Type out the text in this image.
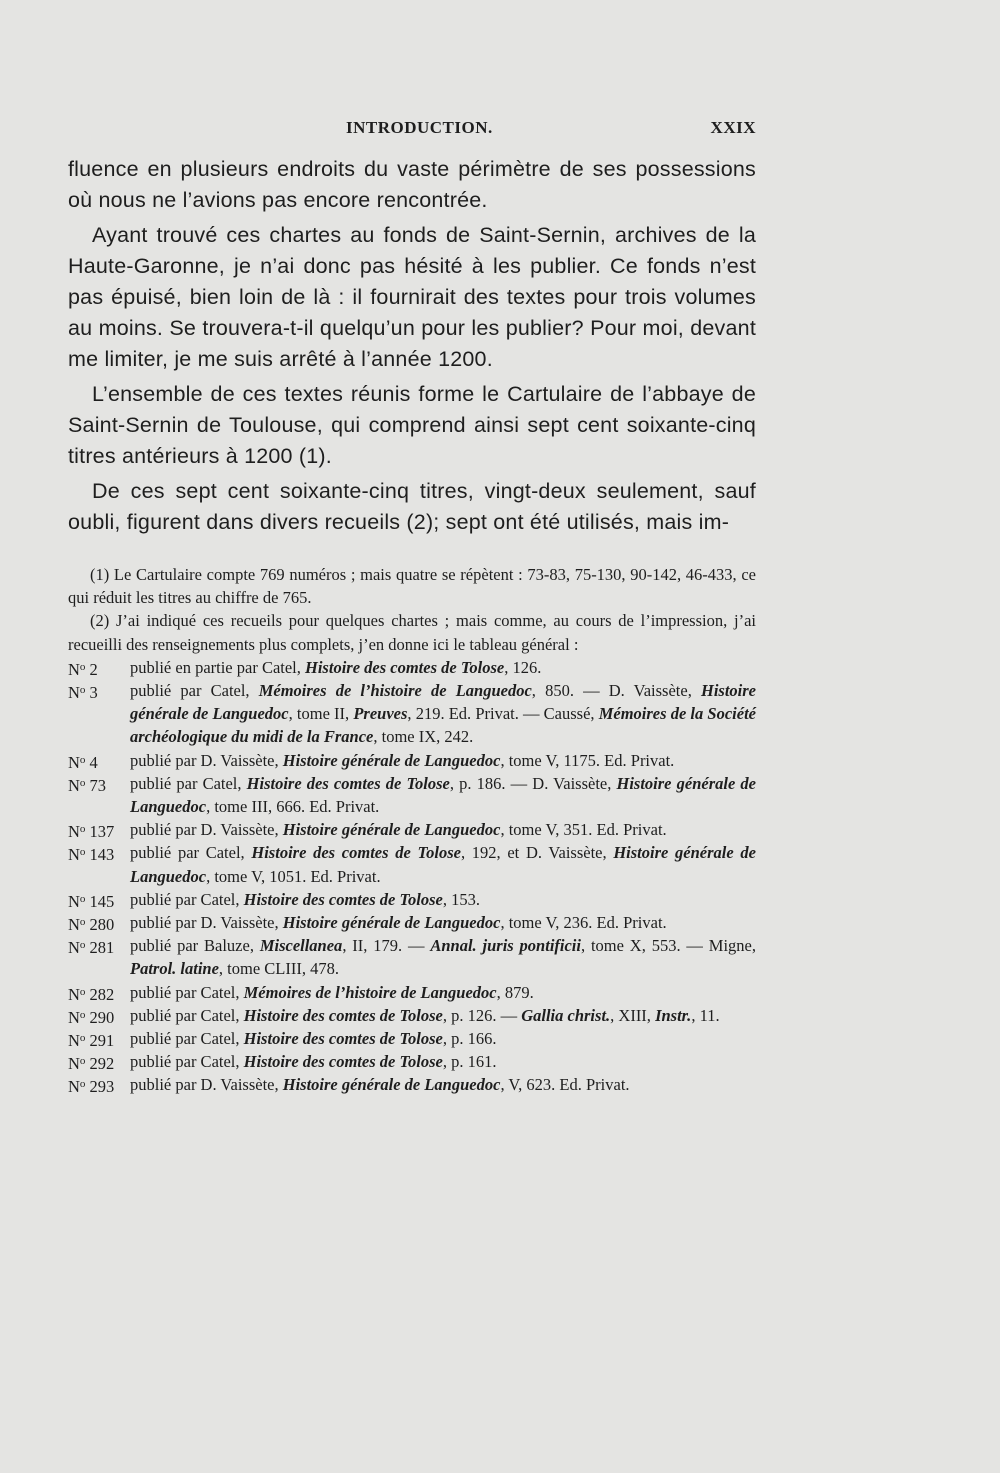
INTRODUCTION.	XXIX

fluence en plusieurs endroits du vaste périmètre de ses possessions où nous ne l’avions pas encore rencontrée.

Ayant trouvé ces chartes au fonds de Saint-Sernin, archives de la Haute-Garonne, je n’ai donc pas hésité à les publier. Ce fonds n’est pas épuisé, bien loin de là : il fournirait des textes pour trois volumes au moins. Se trouvera-t-il quelqu’un pour les publier? Pour moi, devant me limiter, je me suis arrêté à l’année 1200.

L’ensemble de ces textes réunis forme le Cartulaire de l’abbaye de Saint-Sernin de Toulouse, qui comprend ainsi sept cent soixante-cinq titres antérieurs à 1200 (1).

De ces sept cent soixante-cinq titres, vingt-deux seulement, sauf oubli, figurent dans divers recueils (2); sept ont été utilisés, mais im-

(1) Le Cartulaire compte 769 numéros ; mais quatre se répètent : 73-83, 75-130, 90-142, 46-433, ce qui réduit les titres au chiffre de 765.

(2) J’ai indiqué ces recueils pour quelques chartes ; mais comme, au cours de l’impression, j’ai recueilli des renseignements plus complets, j’en donne ici le tableau général :

$N^o$ 2	publié en partie par Catel, Histoire des comtes de Tolose, 126.
$N^o$ 3	publié par Catel, Mémoires de l’histoire de Languedoc, 850. — D. Vaissète, Histoire générale de Languedoc, tome II, Preuves, 219. Ed. Privat. — Caussé, Mémoires de la Société archéologique du midi de la France, tome IX, 242.
$N^o$ 4	publié par D. Vaissète, Histoire générale de Languedoc, tome V, 1175. Ed. Privat.
$N^o$ 73	publié par Catel, Histoire des comtes de Tolose, p. 186. — D. Vaissète, Histoire générale de Languedoc, tome III, 666. Ed. Privat.
$N^o$ 137 publié par D. Vaissète, Histoire générale de Languedoc, tome V, 351. Ed. Privat.
$N^o$ 143 publié par Catel, Histoire des comtes de Tolose, 192, et D. Vaissète, Histoire générale de Languedoc, tome V, 1051. Ed. Privat.
$N^o$ 145 publié par Catel, Histoire des comtes de Tolose, 153.
$N^o$ 280 publié par D. Vaissète, Histoire générale de Languedoc, tome V, 236. Ed. Privat.
$N^o$ 281 publié par Baluze, Miscellanea, II, 179. — Annal. juris pontificii, tome X, 553. — Migne, Patrol. latine, tome CLIII, 478.
$N^o$ 282 publié par Catel, Mémoires de l’histoire de Languedoc, 879.
$N^o$ 290 publié par Catel, Histoire des comtes de Tolose, p. 126. — Gallia christ., XIII, Instr., 11.
$N^o$ 291 publié par Catel, Histoire des comtes de Tolose, p. 166.
$N^o$ 292 publié par Catel, Histoire des comtes de Tolose, p. 161.
$N^o$ 293 publié par D. Vaissète, Histoire générale de Languedoc, V, 623. Ed. Privat.
